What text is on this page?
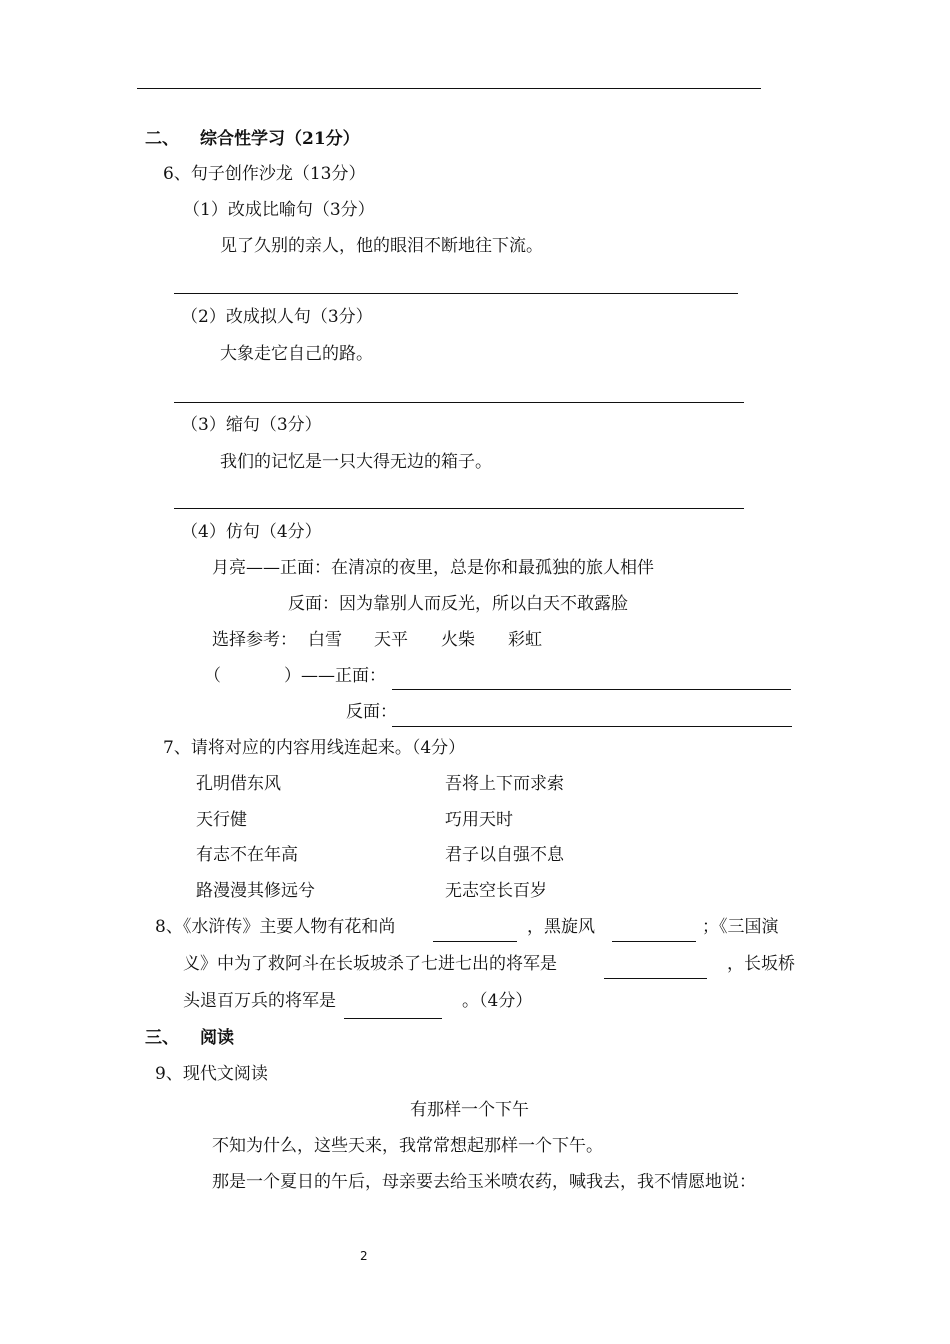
二、 综合性学习（21分）
6、句子创作沙龙（13分）
（1）改成比喻句（3分）
见了久别的亲人，他的眼泪不断地往下流。
（2）改成拟人句（3分）
大象走它自己的路。
（3）缩句（3分）
我们的记忆是一只大得无边的箱子。
（4）仿句（4分）
月亮——正面：在清凉的夜里，总是你和最孤独的旅人相伴
反面：因为靠别人而反光，所以白天不敢露脸
选择参考： 白雪 天平 火柴 彩虹
（	）——正面：
反面：
7、请将对应的内容用线连起来。（4分）
孔明借东风	吾将上下而求索
天行健	巧用天时
有志不在年高	君子以自强不息
路漫漫其修远兮	无志空长百岁
8、《水浒传》主要人物有花和尚	，黑旋风	；《三国演
义》中为了救阿斗在长坂坡杀了七进七出的将军是	，长坂桥
头退百万兵的将军是	。（4分）
三、 阅读
9、现代文阅读
有那样一个下午
不知为什么，这些天来，我常常想起那样一个下午。
那是一个夏日的午后，母亲要去给玉米喷农药，喊我去，我不情愿地说：
2
